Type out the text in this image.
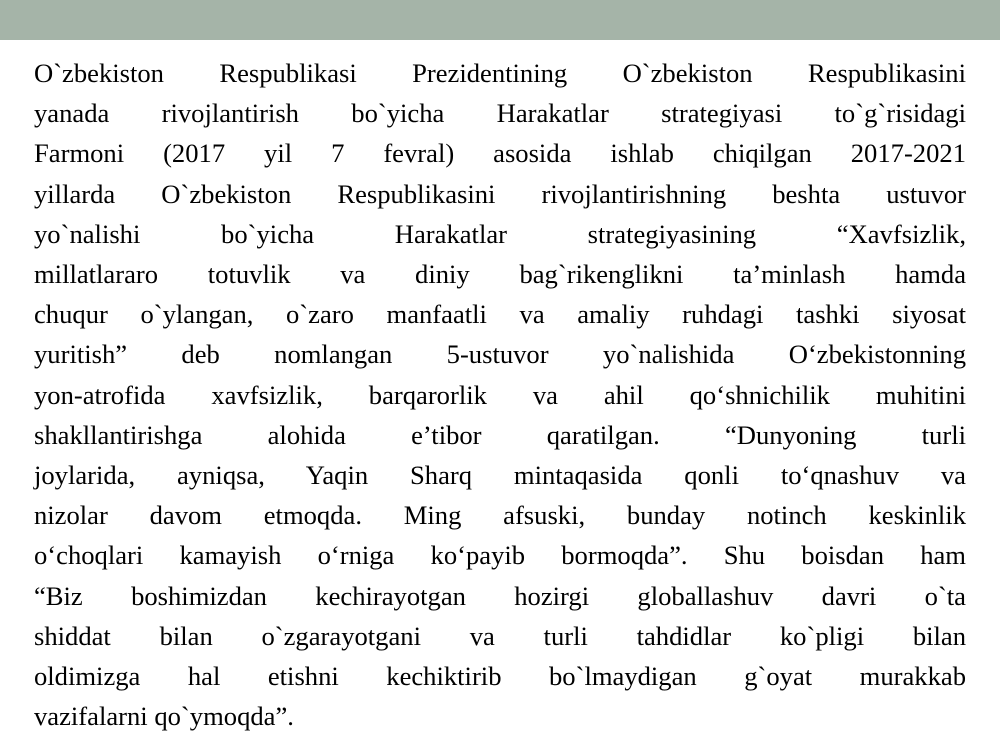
O`zbekiston Respublikasi Prezidentining O`zbekiston Respublikasini
yanada rivojlantirish bo`yicha Harakatlar strategiyasi to`g`risidagi
Farmoni (2017 yil 7 fevral) asosida ishlab chiqilgan 2017-2021
yillarda O`zbekiston Respublikasini rivojlantirishning beshta ustuvor
yo`nalishi bo`yicha Harakatlar strategiyasining “Xavfsizlik,
millatlararo totuvlik va diniy bag`rikenglikni ta’minlash hamda
chuqur o`ylangan, o`zaro manfaatli va amaliy ruhdagi tashki siyosat
yuritish” deb nomlangan 5-ustuvor yo`nalishida O‘zbekistonning
yon-atrofida xavfsizlik, barqarorlik va ahil qo‘shnichilik muhitini
shakllantirishga alohida e’tibor qaratilgan. “Dunyoning turli
joylarida, ayniqsa, Yaqin Sharq mintaqasida qonli to‘qnashuv va
nizolar davom etmoqda. Ming afsuski, bunday notinch keskinlik
o‘choqlari kamayish o‘rniga ko‘payib bormoqda”. Shu boisdan ham
“Biz boshimizdan kechirayotgan hozirgi globallashuv davri o`ta
shiddat bilan o`zgarayotgani va turli tahdidlar ko`pligi bilan
oldimizga hal etishni kechiktirib bo`lmaydigan g`oyat murakkab
vazifalarni qo`ymoqda”.
